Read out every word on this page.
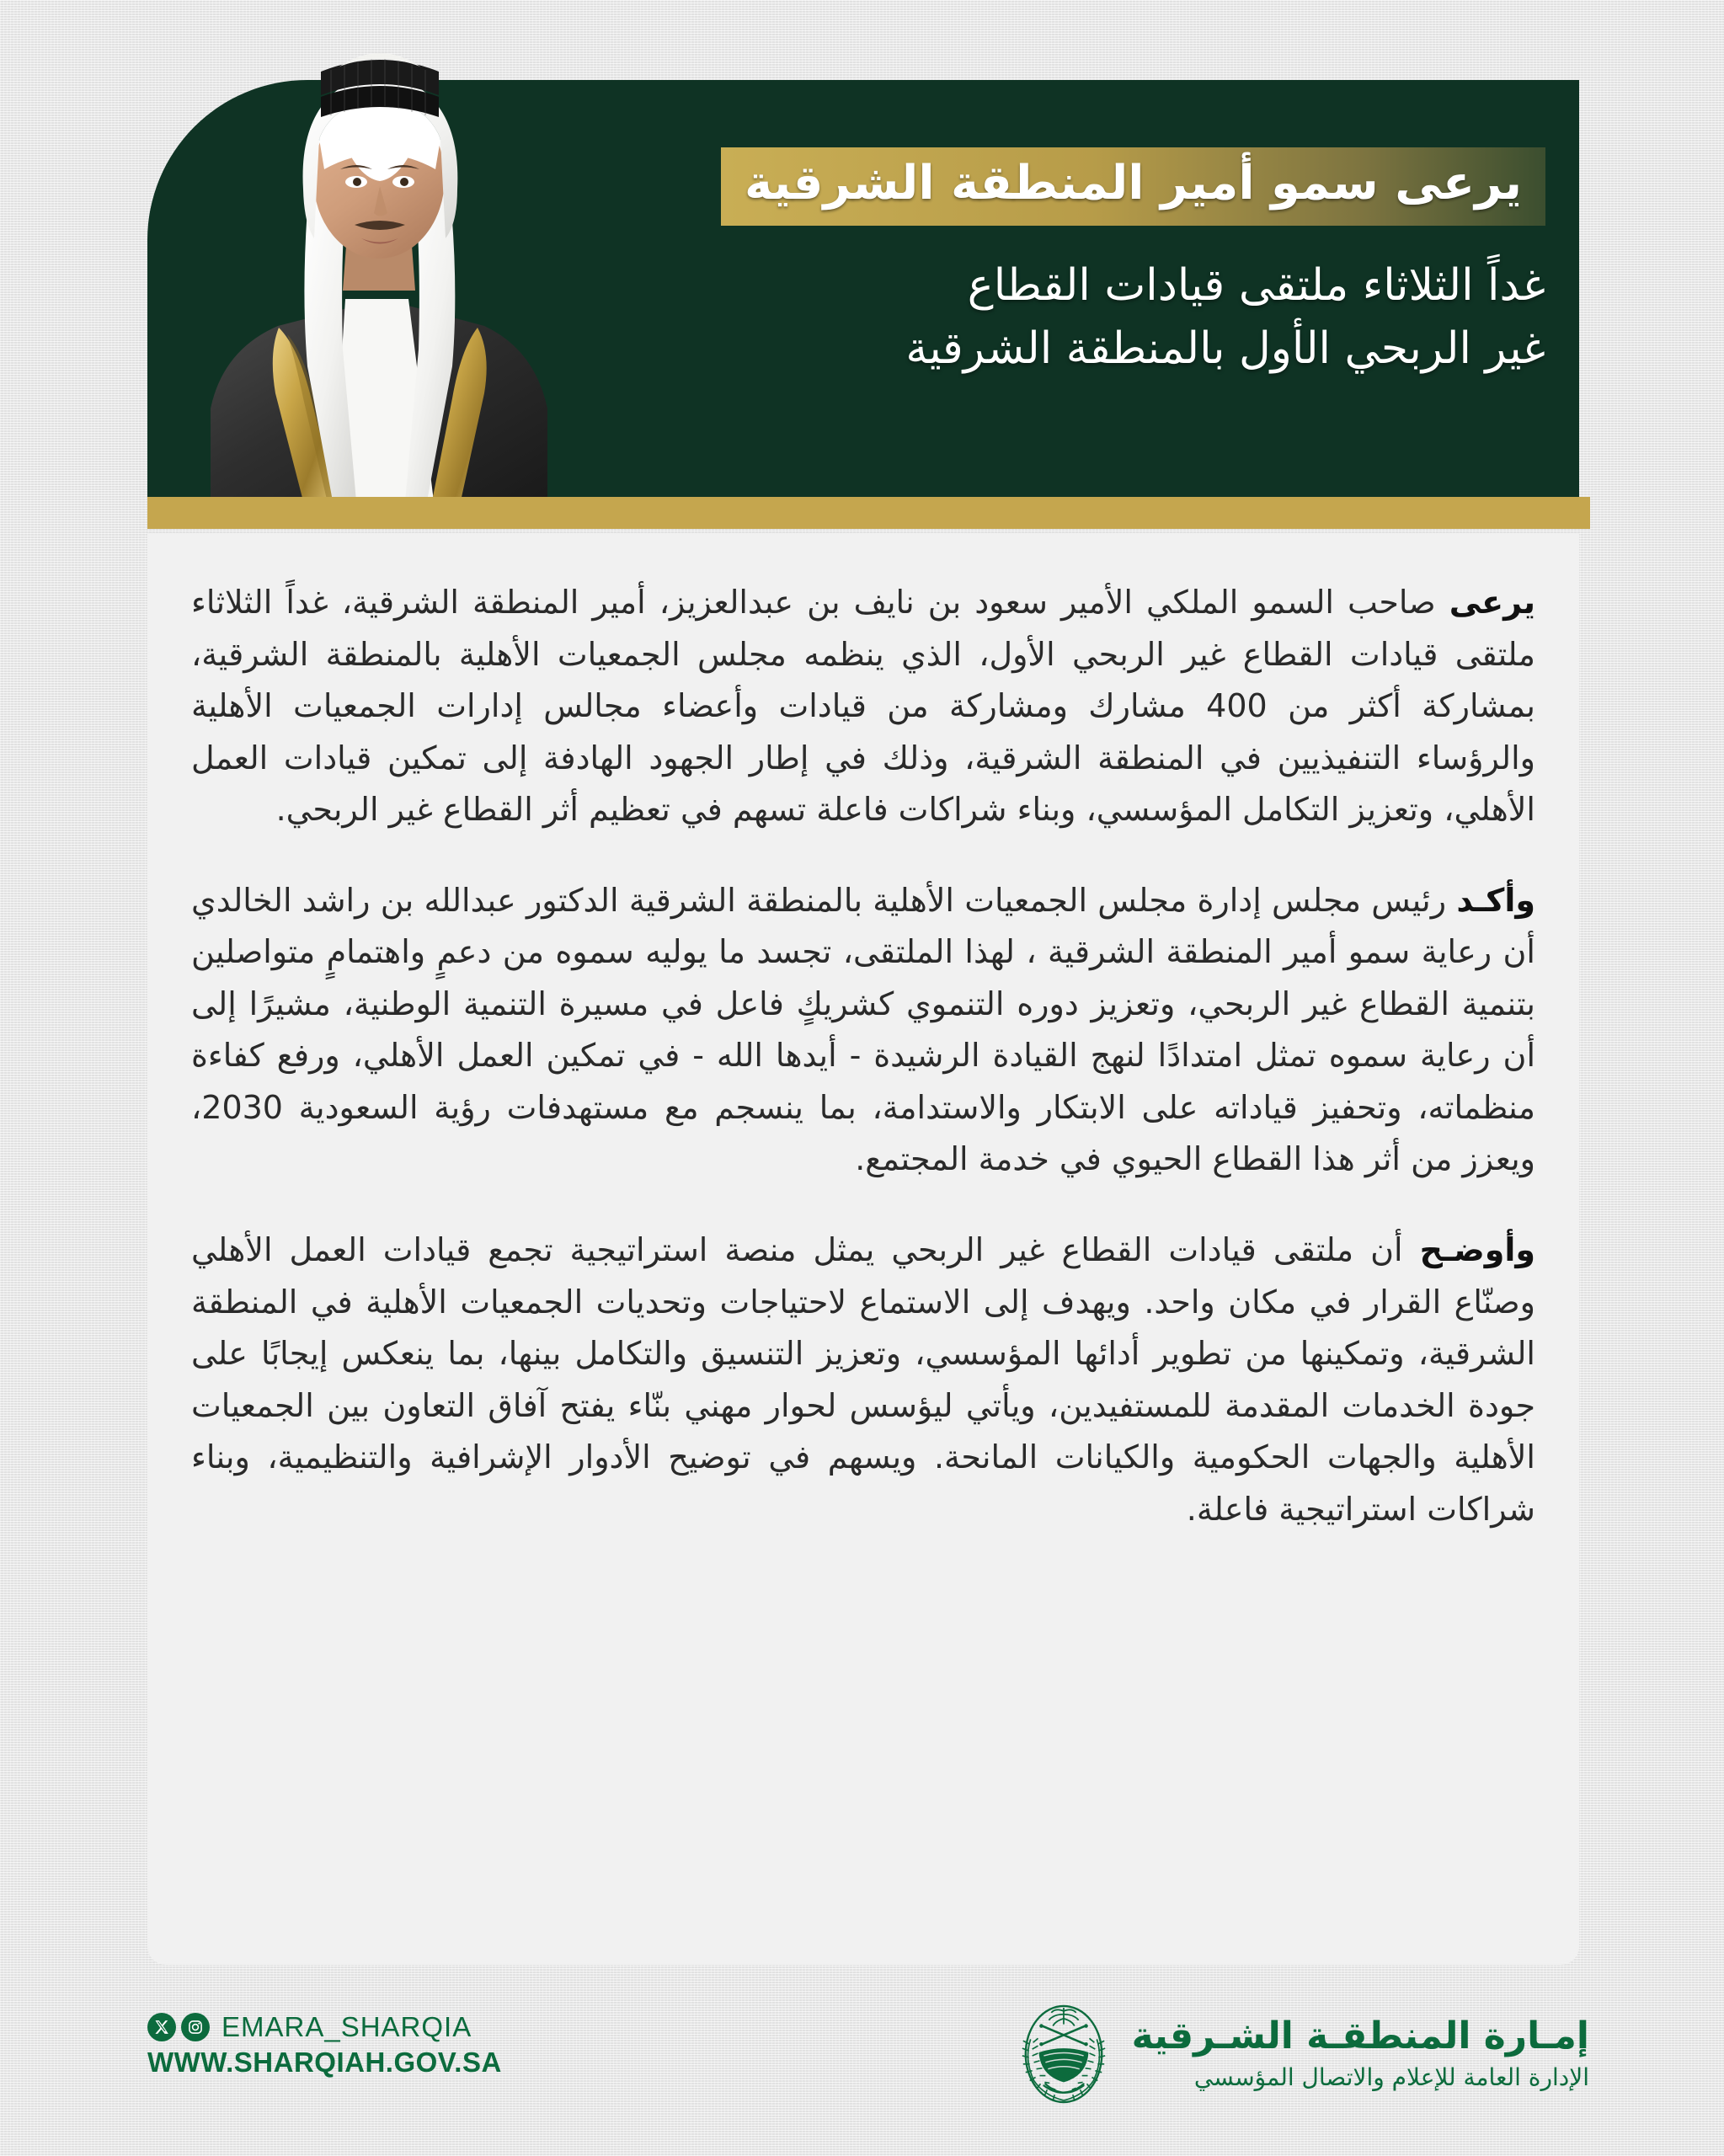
يرعى سمو أمير المنطقة الشرقية
غداً الثلاثاء ملتقى قيادات القطاع
غير الربحي الأول بالمنطقة الشرقية

يرعى صاحب السمو الملكي الأمير سعود بن نايف بن عبدالعزيز، أمير المنطقة الشرقية، غداً الثلاثاء ملتقى قيادات القطاع غير الربحي الأول، الذي ينظمه مجلس الجمعيات الأهلية بالمنطقة الشرقية، بمشاركة أكثر من 400 مشارك ومشاركة من قيادات وأعضاء مجالس إدارات الجمعيات الأهلية والرؤساء التنفيذيين في المنطقة الشرقية، وذلك في إطار الجهود الهادفة إلى تمكين قيادات العمل الأهلي، وتعزيز التكامل المؤسسي، وبناء شراكات فاعلة تسهم في تعظيم أثر القطاع غير الربحي.

وأكـد رئيس مجلس إدارة مجلس الجمعيات الأهلية بالمنطقة الشرقية الدكتور عبدالله بن راشد الخالدي أن رعاية سمو أمير المنطقة الشرقية ، لهذا الملتقى، تجسد ما يوليه سموه من دعمٍ واهتمامٍ متواصلين بتنمية القطاع غير الربحي، وتعزيز دوره التنموي كشريكٍ فاعل في مسيرة التنمية الوطنية، مشيرًا إلى أن رعاية سموه تمثل امتدادًا لنهج القيادة الرشيدة - أيدها الله - في تمكين العمل الأهلي، ورفع كفاءة منظماته، وتحفيز قياداته على الابتكار والاستدامة، بما ينسجم مع مستهدفات رؤية السعودية 2030، ويعزز من أثر هذا القطاع الحيوي في خدمة المجتمع.

وأوضـح أن ملتقى قيادات القطاع غير الربحي يمثل منصة استراتيجية تجمع قيادات العمل الأهلي وصنّاع القرار في مكان واحد. ويهدف إلى الاستماع لاحتياجات وتحديات الجمعيات الأهلية في المنطقة الشرقية، وتمكينها من تطوير أدائها المؤسسي، وتعزيز التنسيق والتكامل بينها، بما ينعكس إيجابًا على جودة الخدمات المقدمة للمستفيدين، ويأتي ليؤسس لحوار مهني بنّاء يفتح آفاق التعاون بين الجمعيات الأهلية والجهات الحكومية والكيانات المانحة. ويسهم في توضيح الأدوار الإشرافية والتنظيمية، وبناء شراكات استراتيجية فاعلة.

EMARA_SHARQIA
WWW.SHARQIAH.GOV.SA
إمـارة المنطقـة الشـرقية
الإدارة العامة للإعلام والاتصال المؤسسي
